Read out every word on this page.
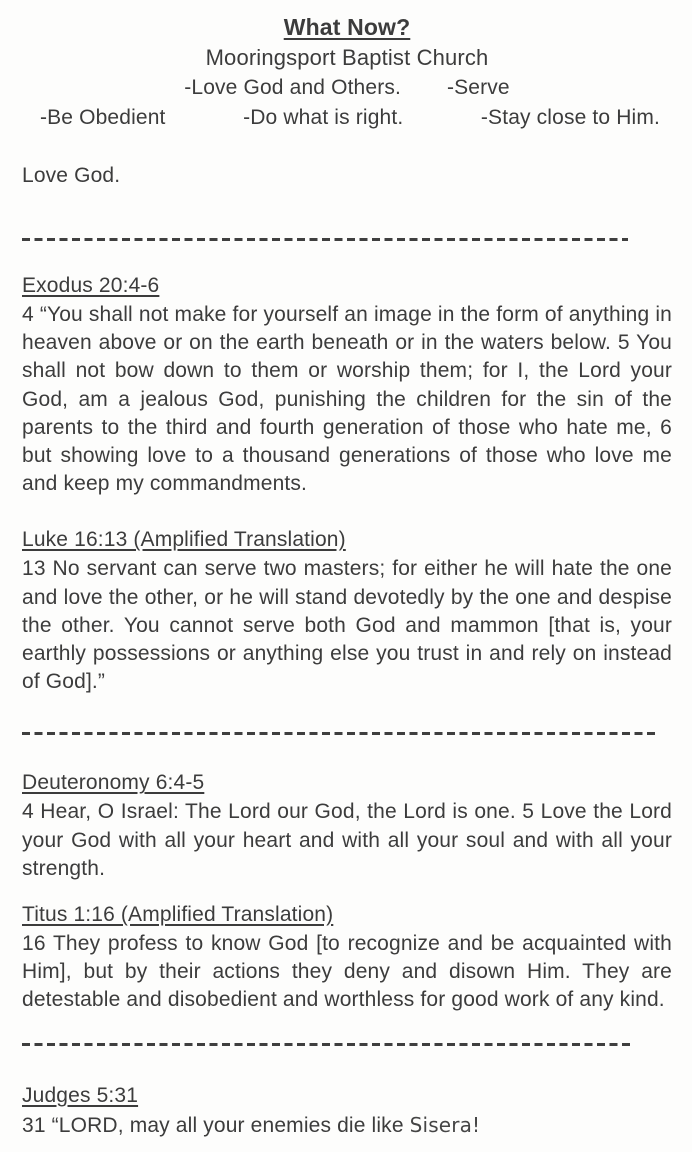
What Now?
Mooringsport Baptist Church
-Love God and Others. -Serve
-Be Obedient	-Do what is right.	-Stay close to Him.
Love God.
Exodus 20:4-6

4 “You shall not make for yourself an image in the form of anything in heaven above or on the earth beneath or in the waters below. 5 You shall not bow down to them or worship them; for I, the Lord your God, am a jealous God, punishing the children for the sin of the parents to the third and fourth generation of those who hate me, 6 but showing love to a thousand generations of those who love me and keep my commandments.

Luke 16:13 (Amplified Translation)

13 No servant can serve two masters; for either he will hate the one and love the other, or he will stand devotedly by the one and despise the other. You cannot serve both God and mammon [that is, your earthly possessions or anything else you trust in and rely on instead of God].”

Deuteronomy 6:4-5

4 Hear, O Israel: The Lord our God, the Lord is one. 5 Love the Lord your God with all your heart and with all your soul and with all your strength.

Titus 1:16 (Amplified Translation)

16 They profess to know God [to recognize and be acquainted with Him], but by their actions they deny and disown Him. They are detestable and disobedient and worthless for good work of any kind.

Judges 5:31

31 “LORD, may all your enemies die like Sisera!
